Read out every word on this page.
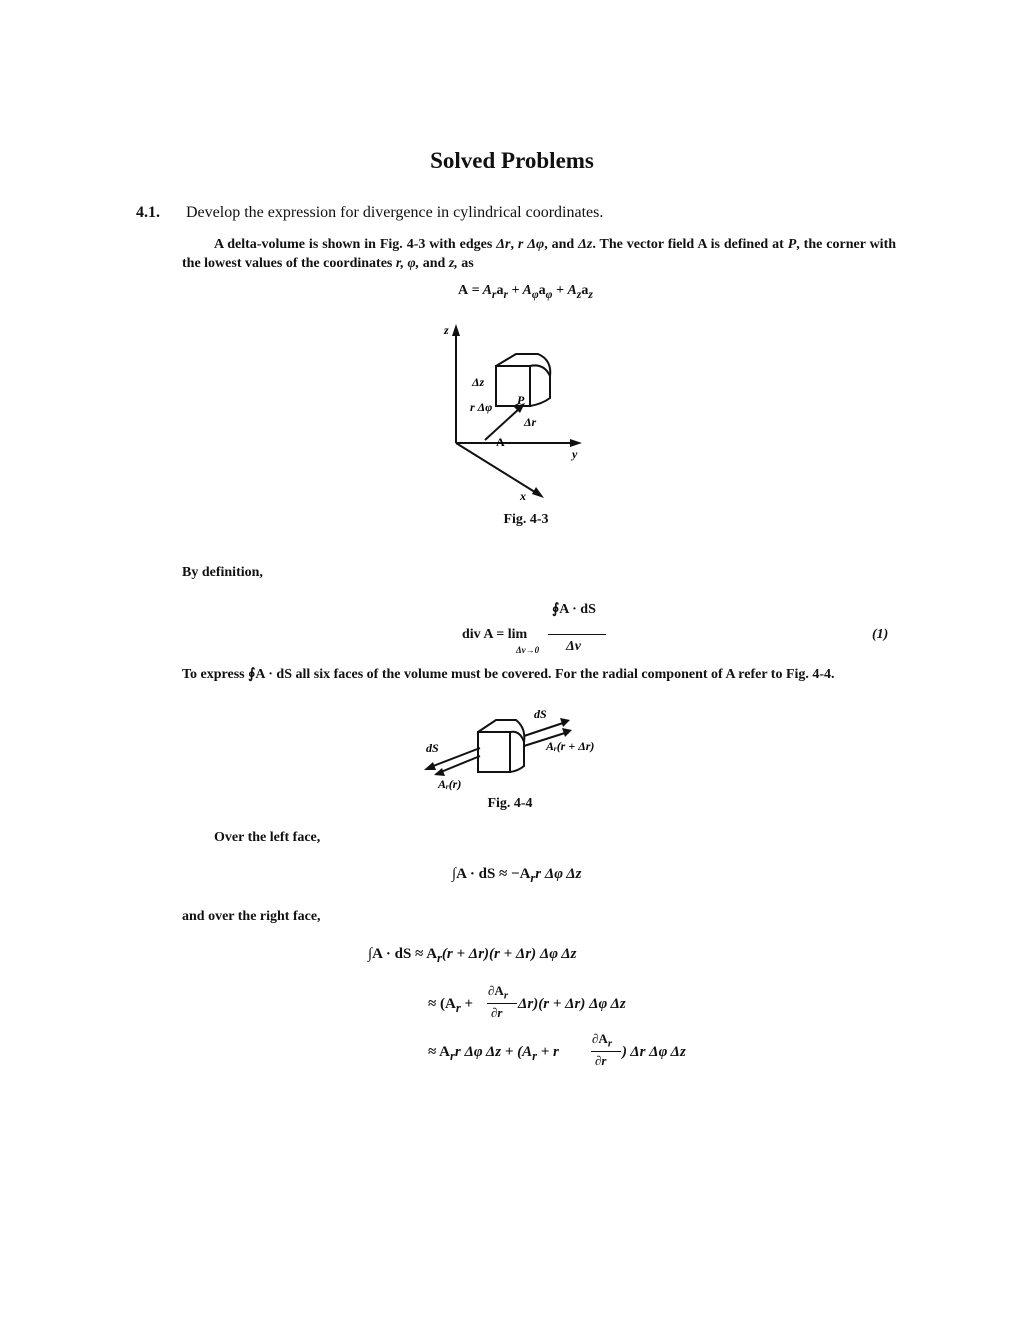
Solved Problems
4.1. Develop the expression for divergence in cylindrical coordinates.
A delta-volume is shown in Fig. 4-3 with edges Δr, r Δφ, and Δz. The vector field A is defined at P, the corner with the lowest values of the coordinates r, φ, and z, as
$A = A_ra_r + A_\varphi a_\varphi + A_za_z$
z
y
x
Δz
r Δφ P
Δr
A
Fig. 4-3
By definition,
div A = lim
Δv→0
∮A · dS
Δv
(1)
To express ∮A · dS all six faces of the volume must be covered. For the radial component of A refer to Fig. 4-4.
dS
Aᵣ(r)
dS
Aᵣ(r + Δr)
Fig. 4-4
Over the left face,
∫A · dS ≈ $-A_rr$ Δφ Δz
and over the right face,
∫A · dS ≈ $A_r(r + \Delta r)(r + \Delta r)$ Δφ Δz
≈ ($A_r$ +
$\partial A_r$
∂r
Δr)(r + Δr) Δφ Δz
≈ $A_rr$ Δφ $\Delta z + (A_r + r$
$\partial A_r$
∂r
) Δr Δφ Δz
